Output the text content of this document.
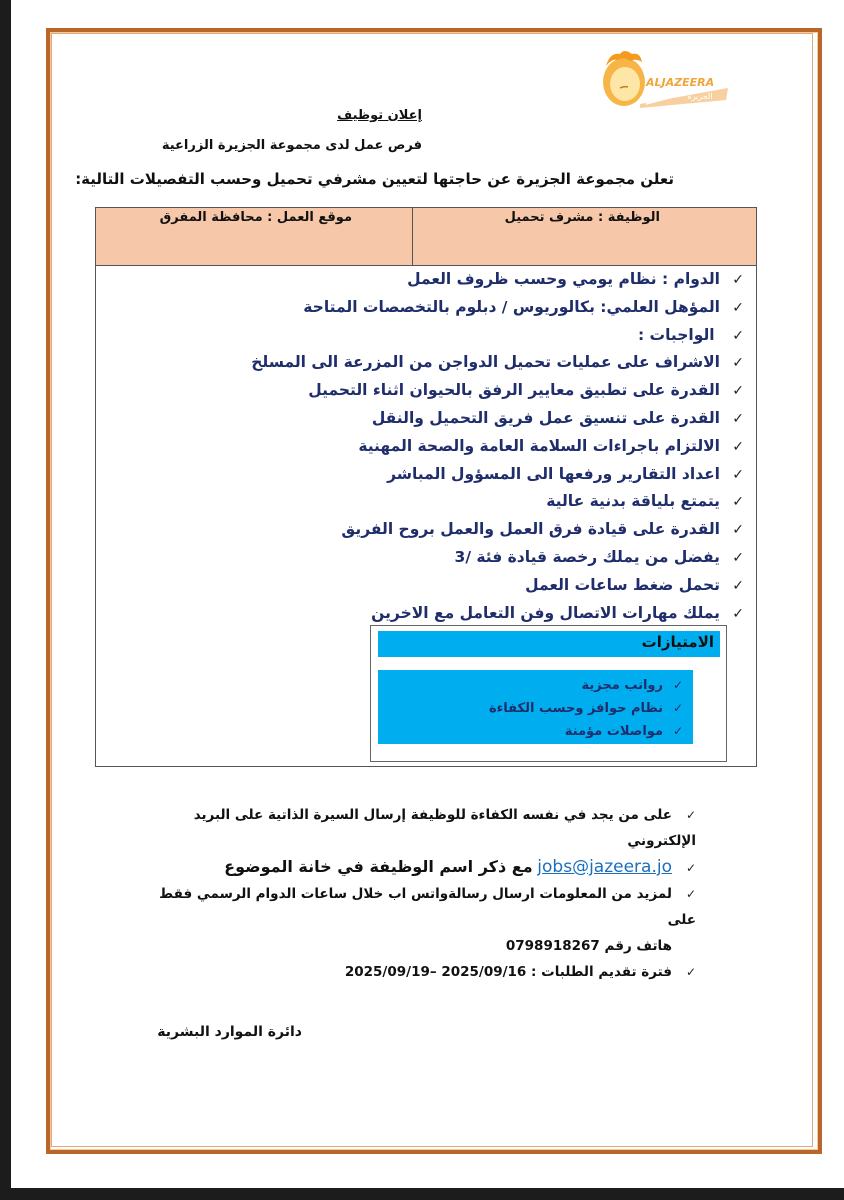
ALJAZEERA
الجزيرة
إعلان توظيف
فرص عمل لدى مجموعة الجزيرة الزراعية
تعلن مجموعة الجزيرة عن حاجتها لتعيين مشرفي تحميل وحسب التفصيلات التالية:
الوظيفة : مشرف تحميل
موقع العمل : محافظة المفرق
✓الدوام : نظام يومي وحسب ظروف العمل
✓المؤهل العلمي: بكالوريوس / دبلوم بالتخصصات المتاحة
✓ الواجبات :
✓الاشراف على عمليات تحميل الدواجن من المزرعة الى المسلخ
✓القدرة على تطبيق معايير الرفق بالحيوان اثناء التحميل
✓القدرة على تنسيق عمل فريق التحميل والنقل
✓الالتزام باجراءات السلامة العامة والصحة المهنية
✓اعداد التقارير ورفعها الى المسؤول المباشر
✓يتمتع بلياقة بدنية عالية
✓القدرة على قيادة فرق العمل والعمل بروح الفريق
✓يفضل من يملك رخصة قيادة فئة /3
✓تحمل ضغط ساعات العمل
✓يملك مهارات الاتصال وفن التعامل مع الاخرين
الامتيازات
✓رواتب مجزية
✓نظام حوافز وحسب الكفاءة
✓مواصلات مؤمنة
✓على من يجد في نفسه الكفاءة للوظيفة إرسال السيرة الذاتية على البريد الإلكتروني
✓jobs@jazeera.jo مع ذكر اسم الوظيفة في خانة الموضوع
✓لمزيد من المعلومات ارسال رسالةواتس اب خلال ساعات الدوام الرسمي فقط على
هاتف رقم 0798918267
✓فترة تقديم الطلبات : 2025/09/19– 2025/09/16
دائرة الموارد البشرية
